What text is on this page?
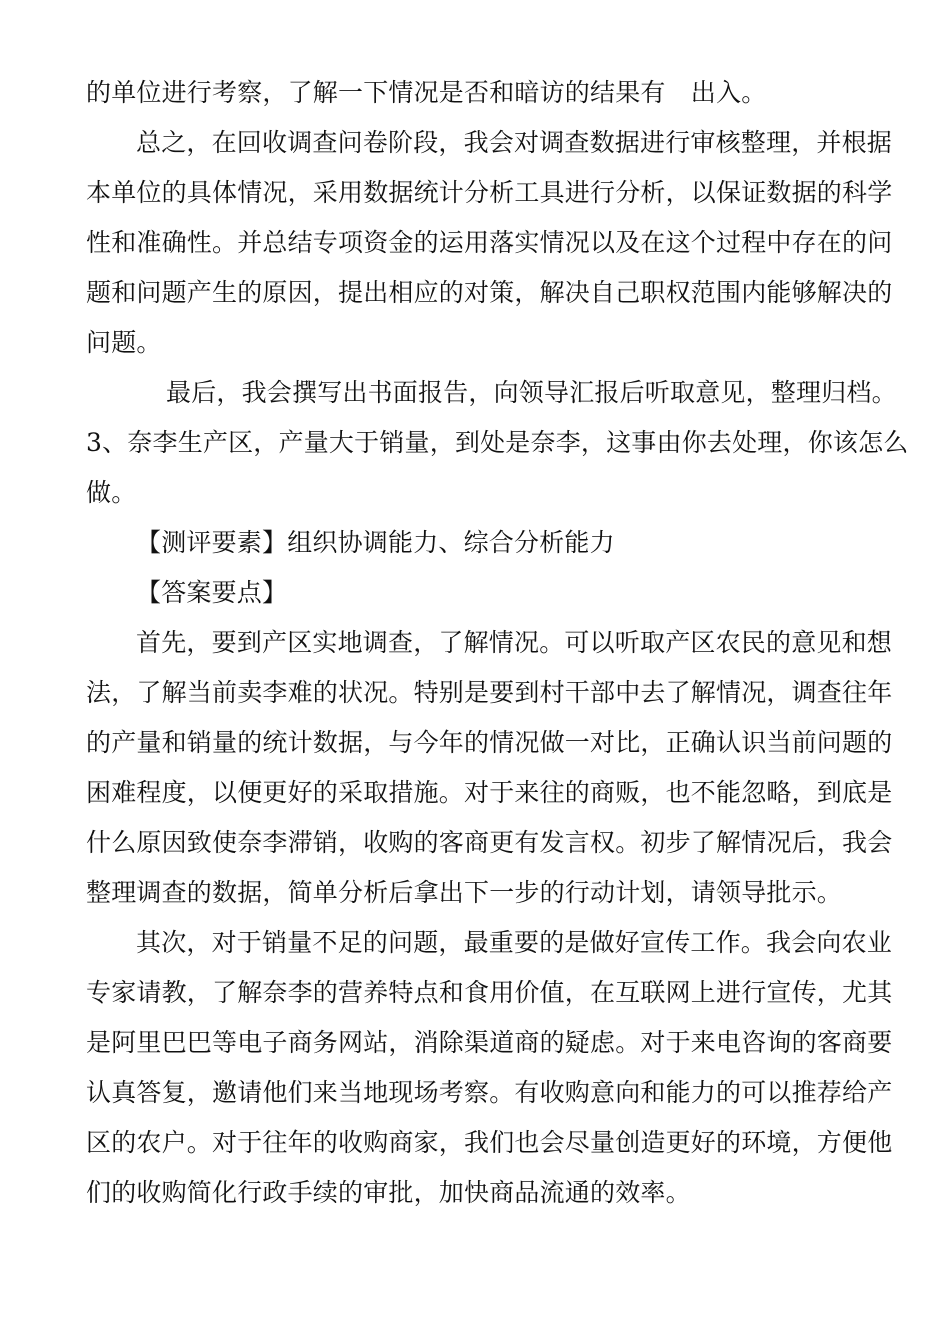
的单位进行考察，了解一下情况是否和暗访的结果有　出入。
总之，在回收调查问卷阶段，我会对调查数据进行审核整理，并根据
本单位的具体情况，采用数据统计分析工具进行分析，以保证数据的科学
性和准确性。并总结专项资金的运用落实情况以及在这个过程中存在的问
题和问题产生的原因，提出相应的对策，解决自己职权范围内能够解决的
问题。
最后，我会撰写出书面报告，向领导汇报后听取意见，整理归档。
3、奈李生产区，产量大于销量，到处是奈李，这事由你去处理，你该怎么
做。
【测评要素】组织协调能力、综合分析能力
【答案要点】
首先，要到产区实地调查，了解情况。可以听取产区农民的意见和想
法，了解当前卖李难的状况。特别是要到村干部中去了解情况，调查往年
的产量和销量的统计数据，与今年的情况做一对比，正确认识当前问题的
困难程度，以便更好的采取措施。对于来往的商贩，也不能忽略，到底是
什么原因致使奈李滞销，收购的客商更有发言权。初步了解情况后，我会
整理调查的数据，简单分析后拿出下一步的行动计划，请领导批示。
其次，对于销量不足的问题，最重要的是做好宣传工作。我会向农业
专家请教，了解奈李的营养特点和食用价值，在互联网上进行宣传，尤其
是阿里巴巴等电子商务网站，消除渠道商的疑虑。对于来电咨询的客商要
认真答复，邀请他们来当地现场考察。有收购意向和能力的可以推荐给产
区的农户。对于往年的收购商家，我们也会尽量创造更好的环境，方便他
们的收购简化行政手续的审批，加快商品流通的效率。
